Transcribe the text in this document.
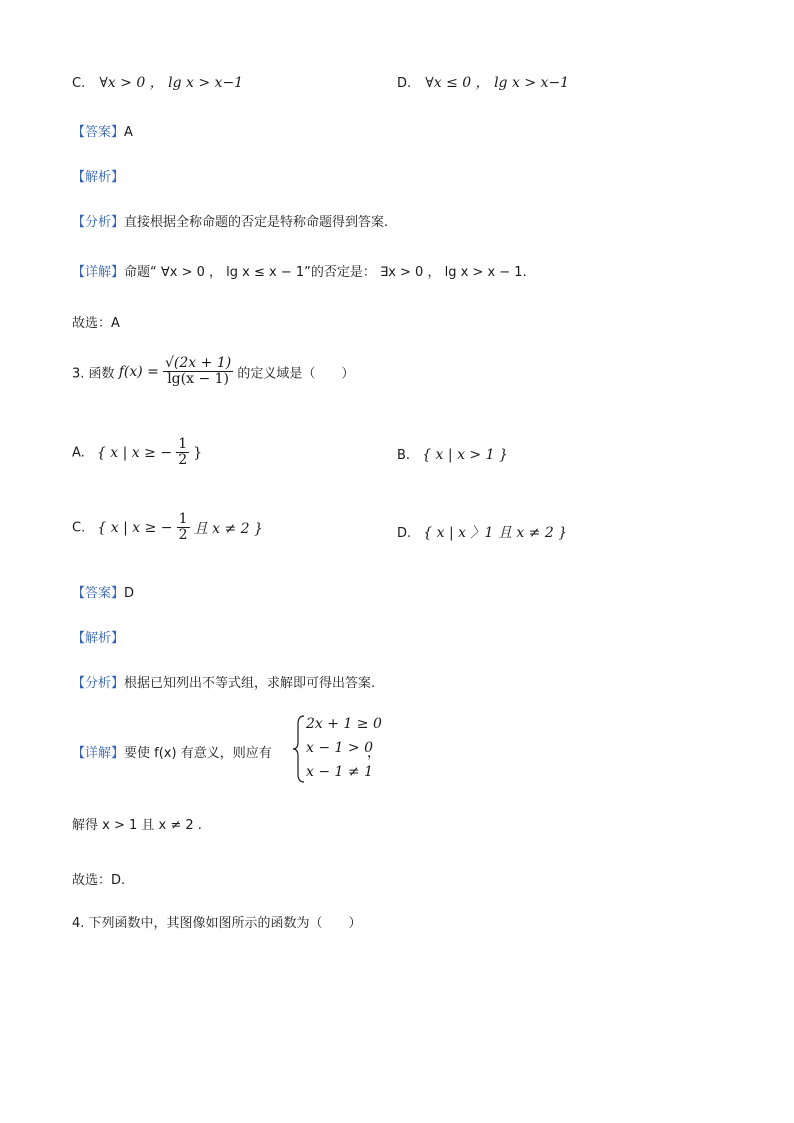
C. ∀x > 0 ， lg x > x−1	D. ∀x ≤ 0 ， lg x > x−1
【答案】A
【解析】
【分析】直接根据全称命题的否定是特称命题得到答案.
【详解】命题“ ∀x > 0 ， lg x ≤ x − 1”的否定是： ∃x > 0 ， lg x > x − 1.
故选：A
3. 函数 $f(x) = \frac{√(2x + 1)}{\lg(x - 1)}$ 的定义域是（　　）
A. { x | x ≥ − $\frac{1}{2}$ }	B. { x | x > 1 }
C. { x | x ≥ − $\frac{1}{2}$ 且 x ≠ 2 }	D. { x | x 〉1 且 x ≠ 2 }
【答案】D
【解析】
【分析】根据已知列出不等式组，求解即可得出答案.
【详解】要使 f(x) 有意义，则应有
2x + 1 ≥ 0
x − 1 > 0
x − 1 ≠ 1
，
解得 x > 1 且 x ≠ 2 .
故选：D.
4. 下列函数中，其图像如图所示的函数为（　　）
